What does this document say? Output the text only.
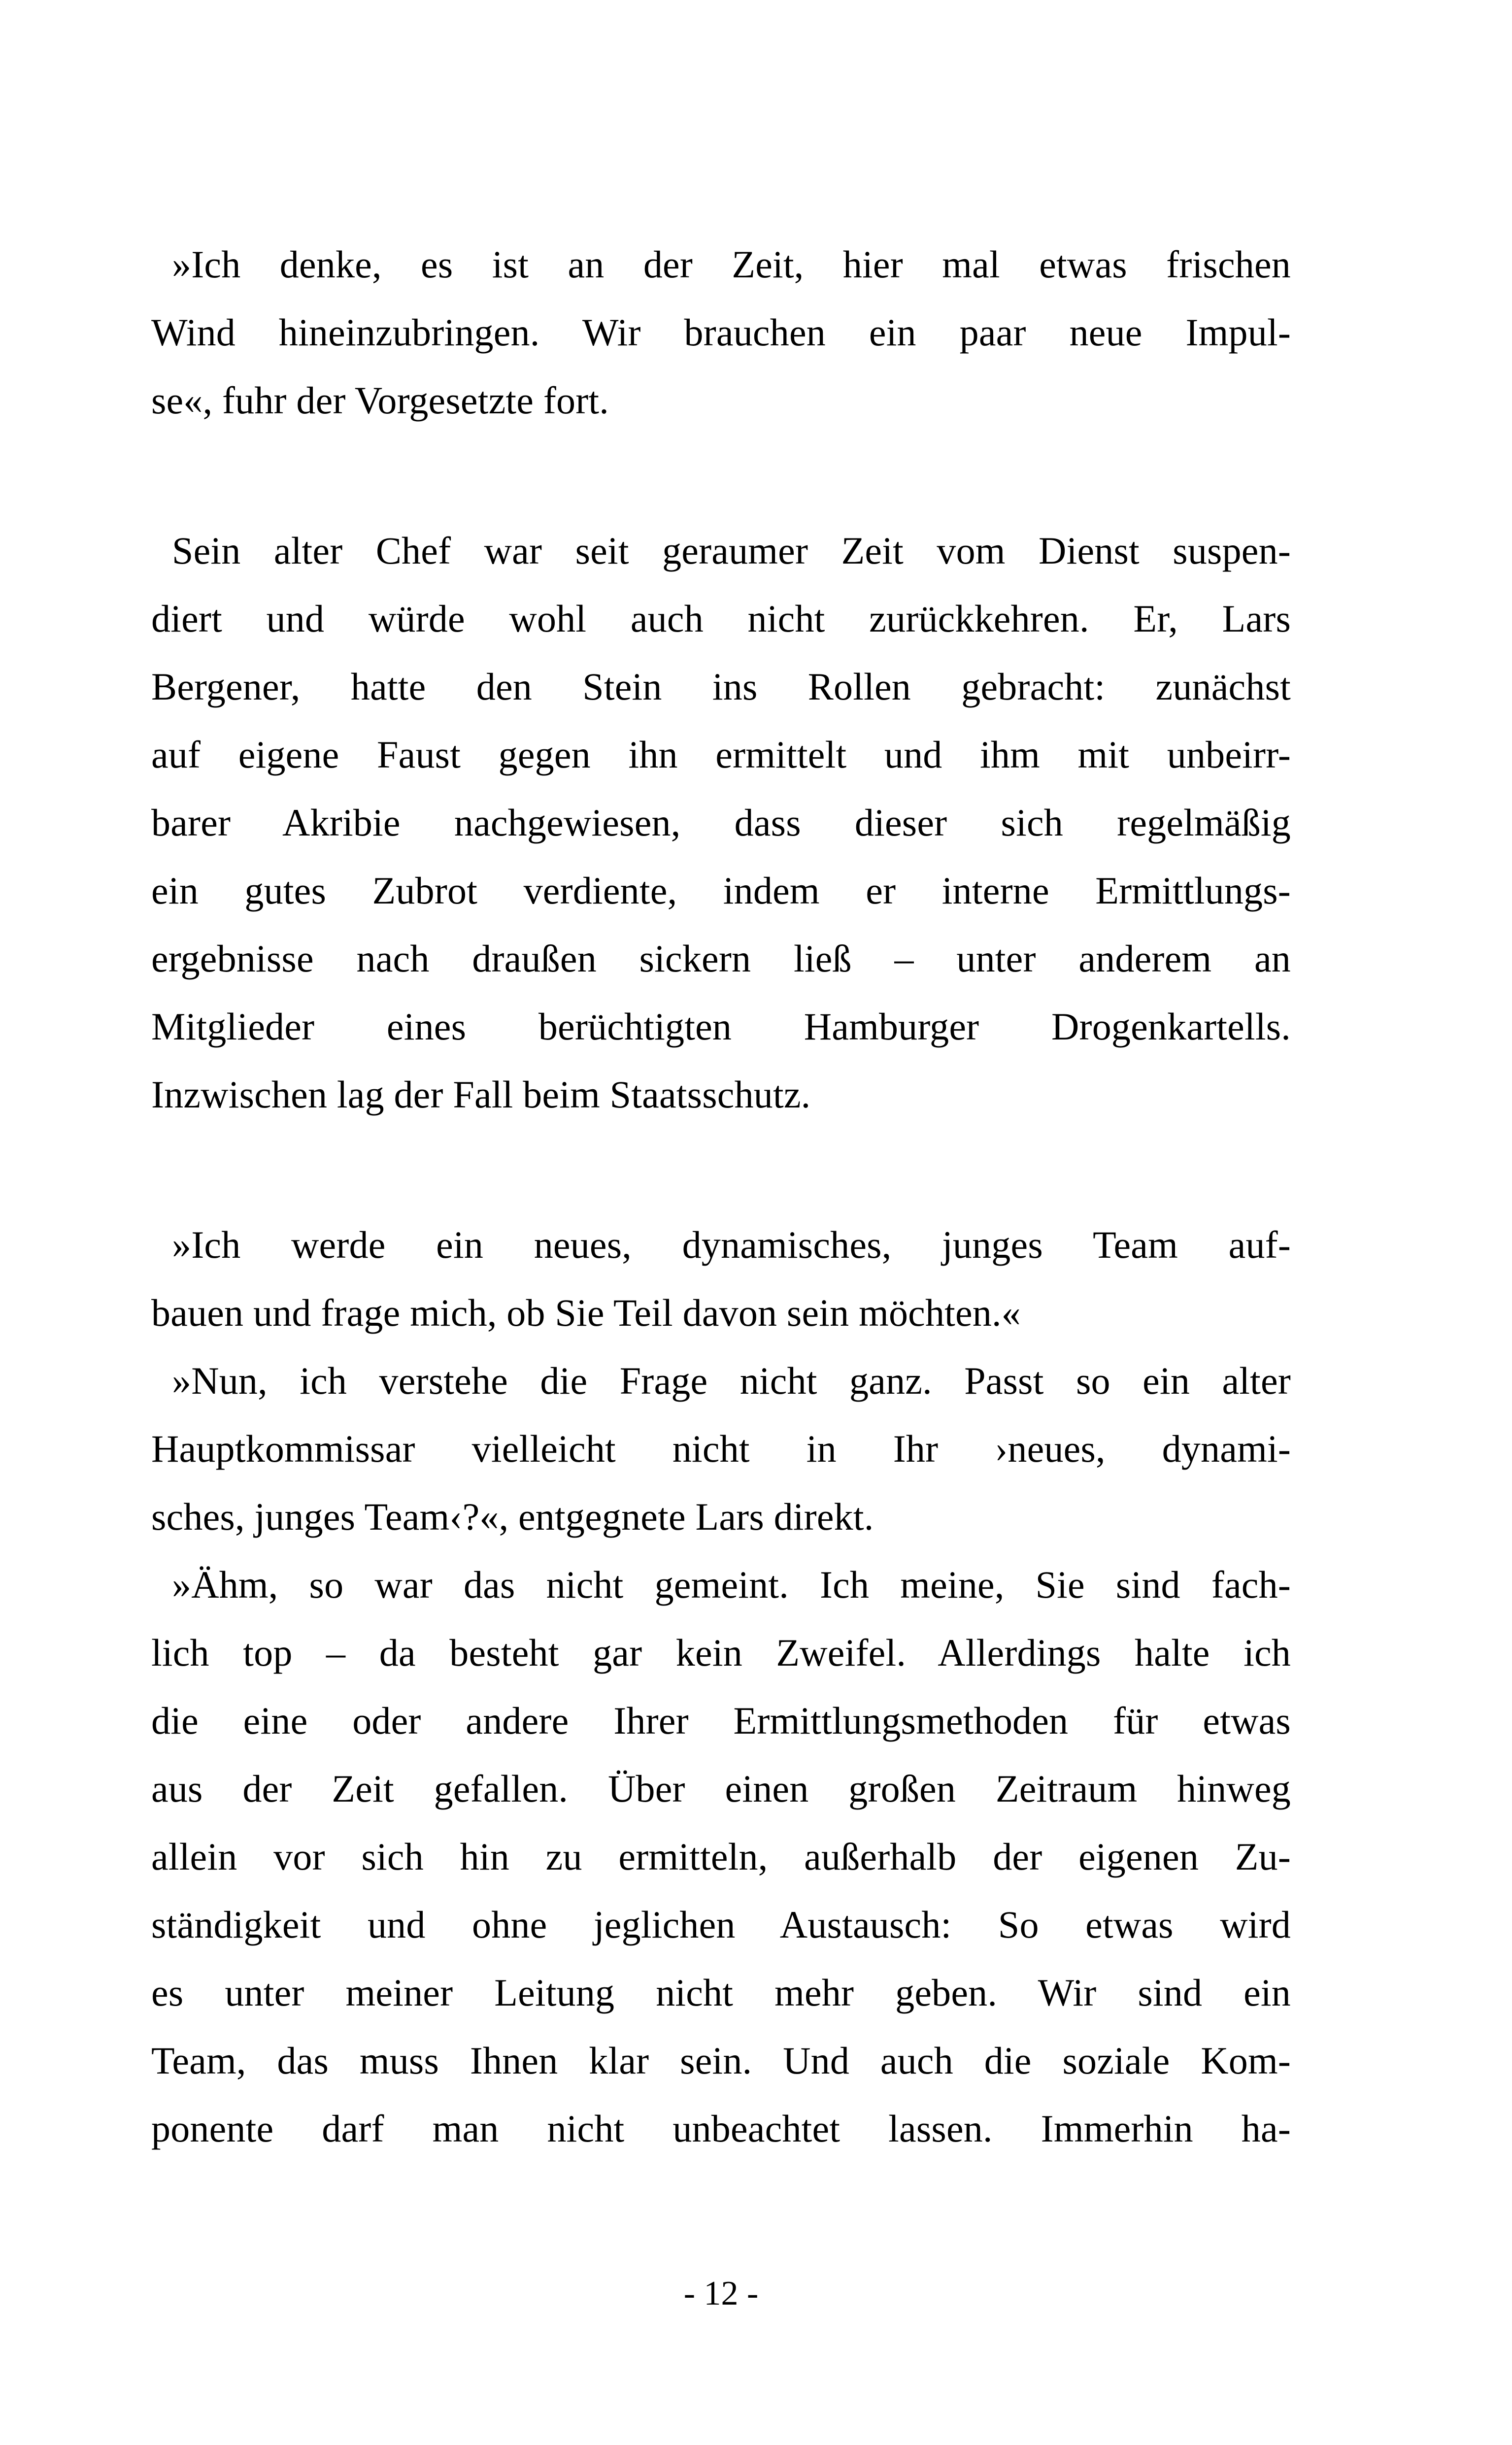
»Ich denke, es ist an der Zeit, hier mal etwas frischen
Wind hineinzubringen. Wir brauchen ein paar neue Impul-
se«, fuhr der Vorgesetzte fort.
Sein alter Chef war seit geraumer Zeit vom Dienst suspen-
diert und würde wohl auch nicht zurückkehren. Er, Lars
Bergener, hatte den Stein ins Rollen gebracht: zunächst
auf eigene Faust gegen ihn ermittelt und ihm mit unbeirr-
barer Akribie nachgewiesen, dass dieser sich regelmäßig
ein gutes Zubrot verdiente, indem er interne Ermittlungs-
ergebnisse nach draußen sickern ließ – unter anderem an
Mitglieder eines berüchtigten Hamburger Drogenkartells.
Inzwischen lag der Fall beim Staatsschutz.
»Ich werde ein neues, dynamisches, junges Team auf-
bauen und frage mich, ob Sie Teil davon sein möchten.«
»Nun, ich verstehe die Frage nicht ganz. Passt so ein alter
Hauptkommissar vielleicht nicht in Ihr ›neues, dynami-
sches, junges Team‹?«, entgegnete Lars direkt.
»Ähm, so war das nicht gemeint. Ich meine, Sie sind fach-
lich top – da besteht gar kein Zweifel. Allerdings halte ich
die eine oder andere Ihrer Ermittlungsmethoden für etwas
aus der Zeit gefallen. Über einen großen Zeitraum hinweg
allein vor sich hin zu ermitteln, außerhalb der eigenen Zu-
ständigkeit und ohne jeglichen Austausch: So etwas wird
es unter meiner Leitung nicht mehr geben. Wir sind ein
Team, das muss Ihnen klar sein. Und auch die soziale Kom-
ponente darf man nicht unbeachtet lassen. Immerhin ha-
- 12 -
